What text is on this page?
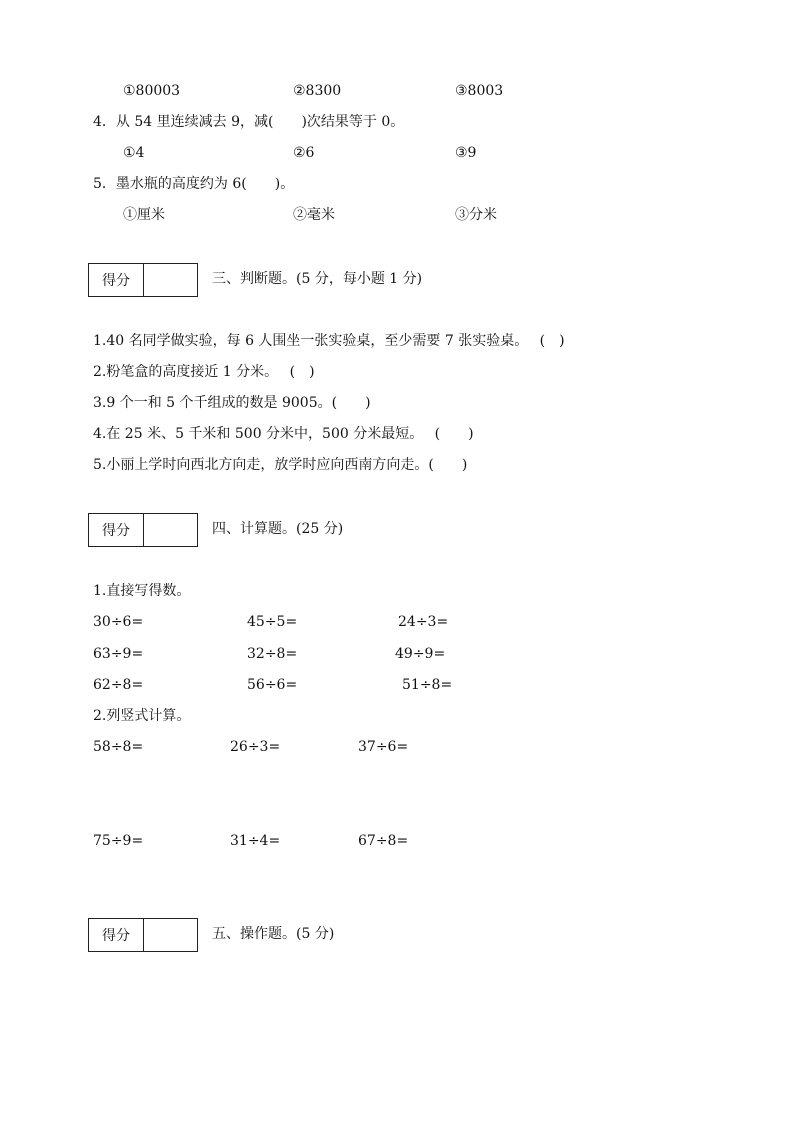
①80003	②8300	③8003
4．从 54 里连续减去 9，减(　　)次结果等于 0。
①4	②6	③9
5．墨水瓶的高度约为 6(　　)。
①厘米	②毫米	③分米
得分	三、判断题。(5 分，每小题 1 分)
1.40 名同学做实验，每 6 人围坐一张实验桌，至少需要 7 张实验桌。　 (　)
2.粉笔盒的高度接近 1 分米。　 (　)
3.9 个一和 5 个千组成的数是 9005。(　　)
4.在 25 米、5 千米和 500 分米中，500 分米最短。　 (　　)
5.小丽上学时向西北方向走，放学时应向西南方向走。(　　)
得分	四、计算题。(25 分)
1.直接写得数。
30÷6=	45÷5=	24÷3=
63÷9=	32÷8=	49÷9=
62÷8=	56÷6=	51÷8=
2.列竖式计算。
58÷8=	26÷3=	37÷6=
75÷9=	31÷4=	67÷8=
得分	五、操作题。(5 分)
